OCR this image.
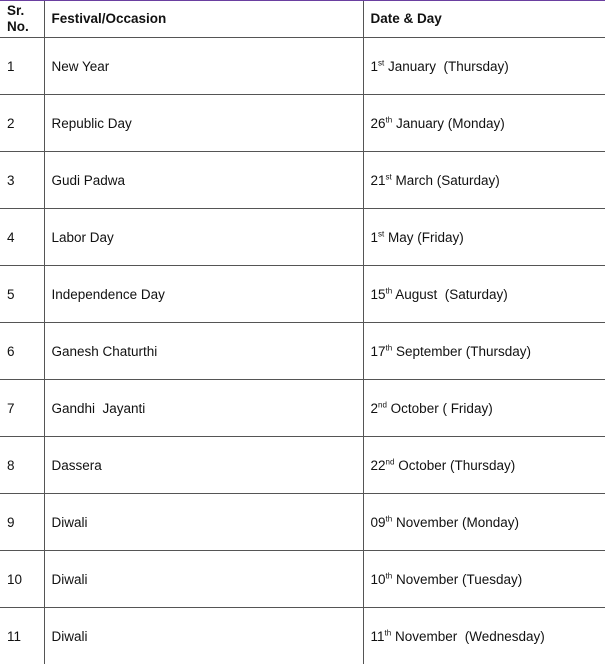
Sr.
No.	Festival/Occasion	Date & Day
1	New Year	1st January  (Thursday)
2	Republic Day	26th January (Monday)
3	Gudi Padwa	21st March (Saturday)
4	Labor Day	1st May (Friday)
5	Independence Day	15th August  (Saturday)
6	Ganesh Chaturthi	17th September (Thursday)
7	Gandhi  Jayanti	2nd October ( Friday)
8	Dassera	22nd October (Thursday)
9	Diwali	09th November (Monday)
10	Diwali	10th November (Tuesday)
11	Diwali	11th November  (Wednesday)
